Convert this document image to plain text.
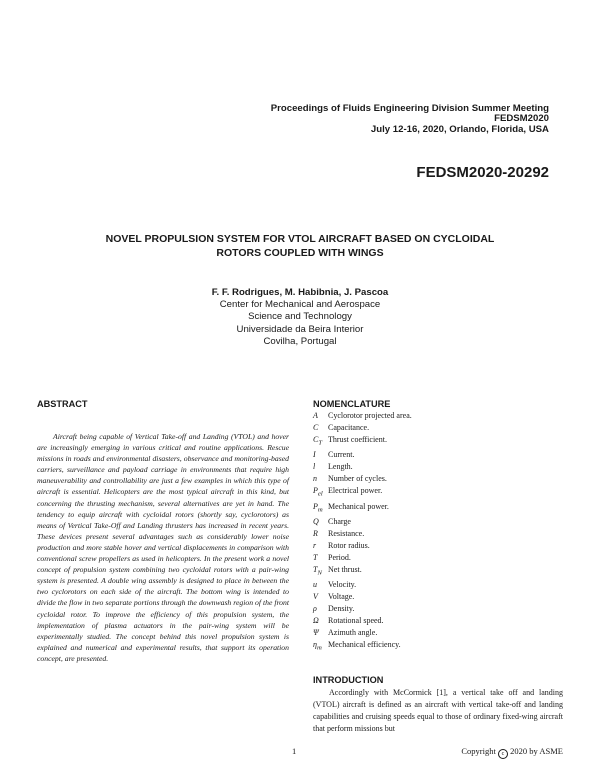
Proceedings of Fluids Engineering Division Summer Meeting
FEDSM2020
July 12-16, 2020, Orlando, Florida, USA
FEDSM2020-20292
NOVEL PROPULSION SYSTEM FOR VTOL AIRCRAFT BASED ON CYCLOIDAL
ROTORS COUPLED WITH WINGS
F. F. Rodrigues, M. Habibnia, J. Pascoa
Center for Mechanical and Aerospace
Science and Technology
Universidade da Beira Interior
Covilha, Portugal
ABSTRACT

Aircraft being capable of Vertical Take-off and Landing (VTOL) and hover are increasingly emerging in various critical and routine applications. Rescue missions in roads and environmental disasters, observance and monitoring-based carriers, surveillance and payload carriage in environments that require high maneuverability and controllability are just a few examples in which this type of aircraft is essential. Helicopters are the most typical aircraft in this kind, but concerning the thrusting mechanism, several alternatives are yet in hand. The tendency to equip aircraft with cycloidal rotors (shortly say, cyclorotors) as means of Vertical Take-Off and Landing thrusters has increased in recent years. These devices present several advantages such as considerably lower noise production and more stable hover and vertical displacements in comparison with conventional screw propellers as used in helicopters. In the present work a novel concept of propulsion system combining two cycloidal rotors with a pair-wing system is presented. A double wing assembly is designed to place in between the two cyclorotors on each side of the aircraft. The bottom wing is intended to divide the flow in two separate portions through the downwash region of the front cycloidal rotor. To improve the efficiency of this propulsion system, the implementation of plasma actuators in the pair-wing system will be experimentally studied. The concept behind this novel propulsion system is explained and numerical and experimental results, that support its operation concept, are presented.

NOMENCLATURE
A Cyclorotor projected area.
C Capacitance.
$C_T$ Thrust coefficient.
I Current.
l Length.
n Number of cycles.
$P_{el}$ Electrical power.
$P_m$ Mechanical power.
Q Charge
R Resistance.
r Rotor radius.
T Period.
$T_N$ Net thrust.
u Velocity.
V Voltage.
ρ Density.
Ω Rotational speed.
Ψ Azimuth angle.
$\eta_m$ Mechanical efficiency.
INTRODUCTION

Accordingly with McCormick [1], a vertical take off and landing (VTOL) aircraft is defined as an aircraft with vertical take-off and landing capabilities and cruising speeds equal to those of ordinary fixed-wing aircraft that perform missions but

1	Copyright c 2020 by ASME
